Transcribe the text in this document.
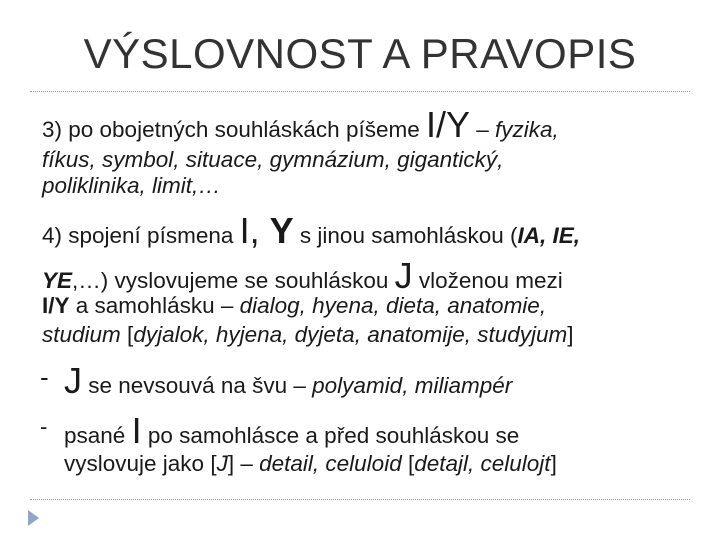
VÝSLOVNOST A PRAVOPIS
3) po obojetných souhláskách píšeme I/Y – fyzika,
fíkus, symbol, situace, gymnázium, gigantický,
poliklinika, limit,…
4) spojení písmena I, Y s jinou samohláskou (IA, IE,
YE,…) vyslovujeme se souhláskou J vloženou mezi
I/Y a samohlásku – dialog, hyena, dieta, anatomie,
studium [dyjalok, hyjena, dyjeta, anatomije, studyjum]
- J se nevsouvá na švu – polyamid, miliampér
- psané I po samohlásce a před souhláskou se
vyslovuje jako [J] – detail, celuloid [detajl, celulojt]
